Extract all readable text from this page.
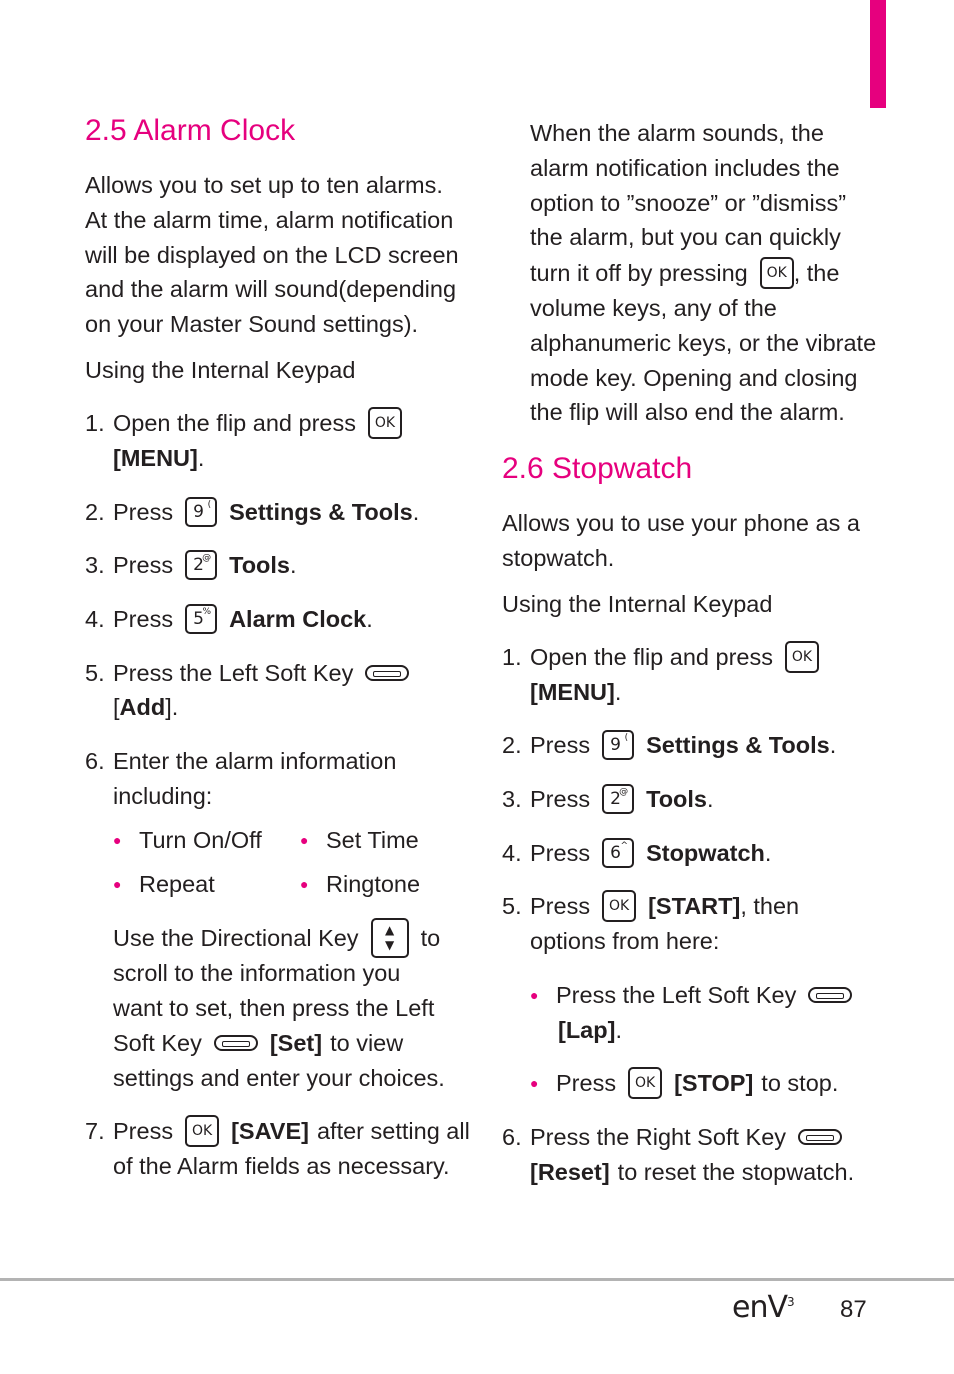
2.5 Alarm Clock
Allows you to set up to ten alarms.
At the alarm time, alarm notification
will be displayed on the LCD screen
and the alarm will sound(depending
on your Master Sound settings).
Using the Internal Keypad
1. Open the flip and press	OK
[MENU] .
2. Press 9 ( Settings & Tools .
3. Press 2
@ Tools .
4. Press 5
% Alarm Clock .
5. Press the Left Soft Key
[ Add ].
6. Enter the alarm information
including:
● Turn On/Off	● Set Time
● Repeat	● Ringtone
Use the Directional Key ▲
▼ to
scroll to the information you
want to set, then press the Left
Soft Key	[Set] to view
settings and enter your choices.
7. Press	OK [SAVE] after setting all
of the Alarm fields as necessary.
When the alarm sounds, the
alarm notification includes the
option to ”snooze” or ”dismiss”
the alarm, but you can quickly
turn it off by pressing	OK , the
volume keys, any of the
alphanumeric keys, or the vibrate
mode key. Opening and closing
the flip will also end the alarm.
2.6 Stopwatch
Allows you to use your phone as a
stopwatch.
Using the Internal Keypad
1. Open the flip and press	OK
[MENU] .
2. Press 9 ( Settings & Tools .
3. Press 2
@ Tools .
4. Press 6 ^ Stopwatch .
5. Press	OK [START] , then
options from here:
● Press the Left Soft Key
[Lap] .
● Press	OK [STOP] to stop.
6. Press the Right Soft Key
[Reset] to reset the stopwatch.
enV$^3$ 87
